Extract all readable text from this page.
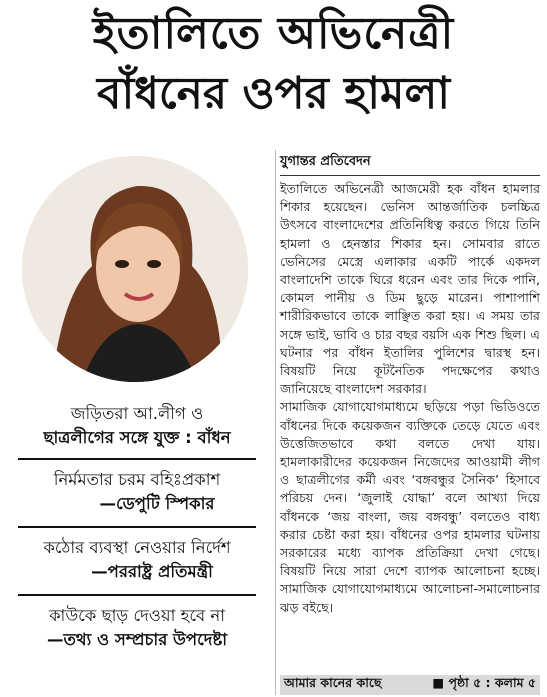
ইতালিতে অভিনেত্রী
বাঁধনের ওপর হামলা
জড়িতরা আ.লীগ ও
ছাত্রলীগের সঙ্গে যুক্ত : বাঁধন
নির্মমতার চরম বহিঃপ্রকাশ
—ডেপুটি স্পিকার
কঠোর ব্যবস্থা নেওয়ার নির্দেশ
—পররাষ্ট্র প্রতিমন্ত্রী
কাউকে ছাড় দেওয়া হবে না
—তথ্য ও সম্প্রচার উপদেষ্টা
যুগান্তর প্রতিবেদন

ইতালিতে অভিনেত্রী আজমেরী হক বাঁধন হামলার শিকার হয়েছেন। ভেনিস আন্তর্জাতিক চলচ্চিত্র উৎসবে বাংলাদেশের প্রতিনিধিত্ব করতে গিয়ে তিনি হামলা ও হেনস্তার শিকার হন। সোমবার রাতে ভেনিসের মেস্ত্রে এলাকার একটি পার্কে একদল বাংলাদেশি তাকে ঘিরে ধরেন এবং তার দিকে পানি, কোমল পানীয় ও ডিম ছুড়ে মারেন। পাশাপাশি শারীরিকভাবে তাকে লাঞ্ছিত করা হয়। এ সময় তার সঙ্গে ভাই, ভাবি ও চার বছর বয়সি এক শিশু ছিল। এ ঘটনার পর বাঁধন ইতালির পুলিশের দ্বারস্থ হন। বিষয়টি নিয়ে কূটনৈতিক পদক্ষেপের কথাও জানিয়েছে বাংলাদেশ সরকার।

সামাজিক যোগাযোগমাধ্যমে ছড়িয়ে পড়া ভিডিওতে বাঁধনের দিকে কয়েকজন ব্যক্তিকে তেড়ে যেতে এবং উত্তেজিতভাবে কথা বলতে দেখা যায়। হামলাকারীদের কয়েকজন নিজেদের আওয়ামী লীগ ও ছাত্রলীগের কর্মী এবং ‘বঙ্গবন্ধুর সৈনিক’ হিসাবে পরিচয় দেন। ‘জুলাই যোদ্ধা’ বলে আখ্যা দিয়ে বাঁধনকে ‘জয় বাংলা, জয় বঙ্গবন্ধু’ বলতেও বাধ্য করার চেষ্টা করা হয়। বাঁধনের ওপর হামলার ঘটনায় সরকারের মধ্যে ব্যাপক প্রতিক্রিয়া দেখা গেছে। বিষয়টি নিয়ে সারা দেশে ব্যাপক আলোচনা হচ্ছে। সামাজিক যোগাযোগমাধ্যমে আলোচনা-সমালোচনার ঝড় বইছে।

আমার কানের কাছে	■ পৃষ্ঠা ৫ : কলাম ৫
